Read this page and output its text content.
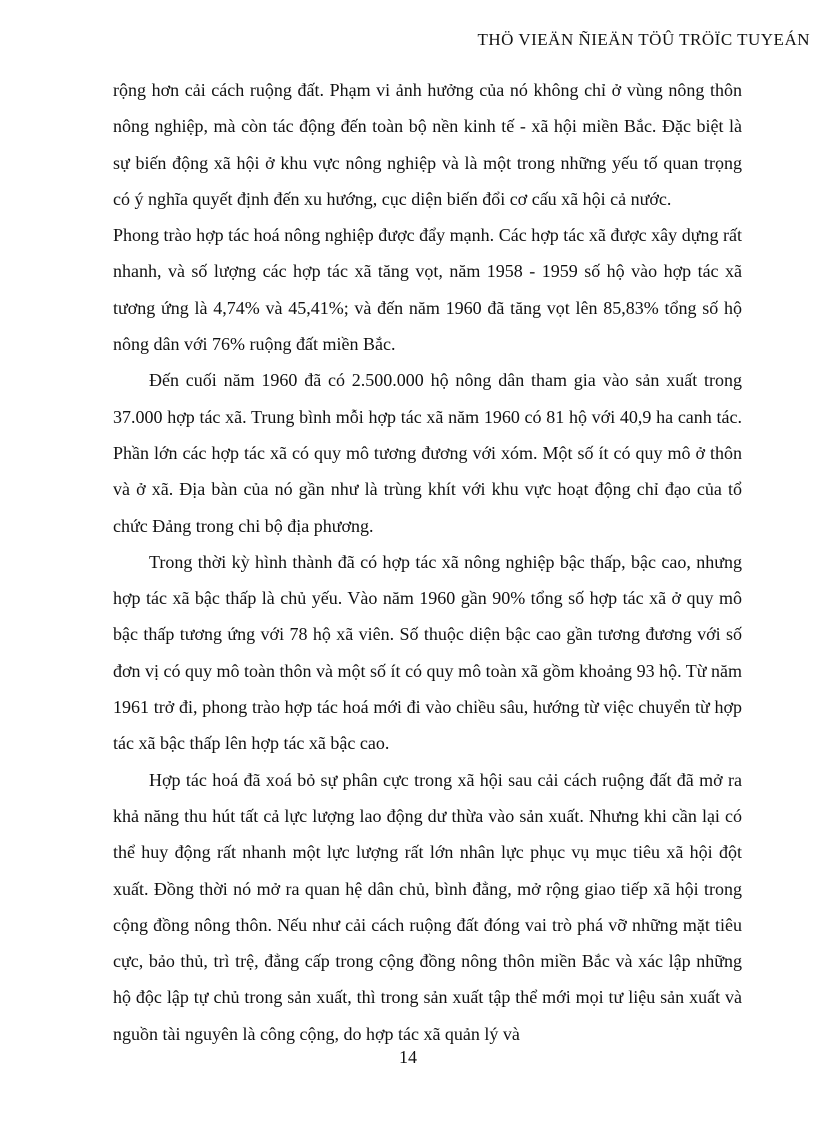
THÖ VIEÄN ÑIEÄN TÖÛ TRÖÏC TUYEÁN

rộng hơn cải cách ruộng đất. Phạm vi ảnh hưởng của nó không chỉ ở vùng nông thôn nông nghiệp, mà còn tác động đến toàn bộ nền kinh tế - xã hội miền Bắc. Đặc biệt là sự biến động xã hội ở khu vực nông nghiệp và là một trong những yếu tố quan trọng có ý nghĩa quyết định đến xu hướng, cục diện biến đổi cơ cấu xã hội cả nước.

Phong trào hợp tác hoá nông nghiệp được đẩy mạnh. Các hợp tác xã được xây dựng rất nhanh, và số lượng các hợp tác xã tăng vọt, năm 1958 - 1959 số hộ vào hợp tác xã tương ứng là 4,74% và 45,41%; và đến năm 1960 đã tăng vọt lên 85,83% tổng số hộ nông dân với 76% ruộng đất miền Bắc.

Đến cuối năm 1960 đã có 2.500.000 hộ nông dân tham gia vào sản xuất trong 37.000 hợp tác xã. Trung bình mỗi hợp tác xã năm 1960 có 81 hộ với 40,9 ha canh tác. Phần lớn các hợp tác xã có quy mô tương đương với xóm. Một số ít có quy mô ở thôn và ở xã. Địa bàn của nó gần như là trùng khít với khu vực hoạt động chỉ đạo của tổ chức Đảng trong chi bộ địa phương.

Trong thời kỳ hình thành đã có hợp tác xã nông nghiệp bậc thấp, bậc cao, nhưng hợp tác xã bậc thấp là chủ yếu. Vào năm 1960 gần 90% tổng số hợp tác xã ở quy mô bậc thấp tương ứng với 78 hộ xã viên. Số thuộc diện bậc cao gần tương đương với số đơn vị có quy mô toàn thôn và một số ít có quy mô toàn xã gồm khoảng 93 hộ. Từ năm 1961 trở đi, phong trào hợp tác hoá mới đi vào chiều sâu, hướng từ việc chuyển từ hợp tác xã bậc thấp lên hợp tác xã bậc cao.

Hợp tác hoá đã xoá bỏ sự phân cực trong xã hội sau cải cách ruộng đất đã mở ra khả năng thu hút tất cả lực lượng lao động dư thừa vào sản xuất. Nhưng khi cần lại có thể huy động rất nhanh một lực lượng rất lớn nhân lực phục vụ mục tiêu xã hội đột xuất. Đồng thời nó mở ra quan hệ dân chủ, bình đẳng, mở rộng giao tiếp xã hội trong cộng đồng nông thôn. Nếu như cải cách ruộng đất đóng vai trò phá vỡ những mặt tiêu cực, bảo thủ, trì trệ, đẳng cấp trong cộng đồng nông thôn miền Bắc và xác lập những hộ độc lập tự chủ trong sản xuất, thì trong sản xuất tập thể mới mọi tư liệu sản xuất và nguồn tài nguyên là công cộng, do hợp tác xã quản lý và

14
